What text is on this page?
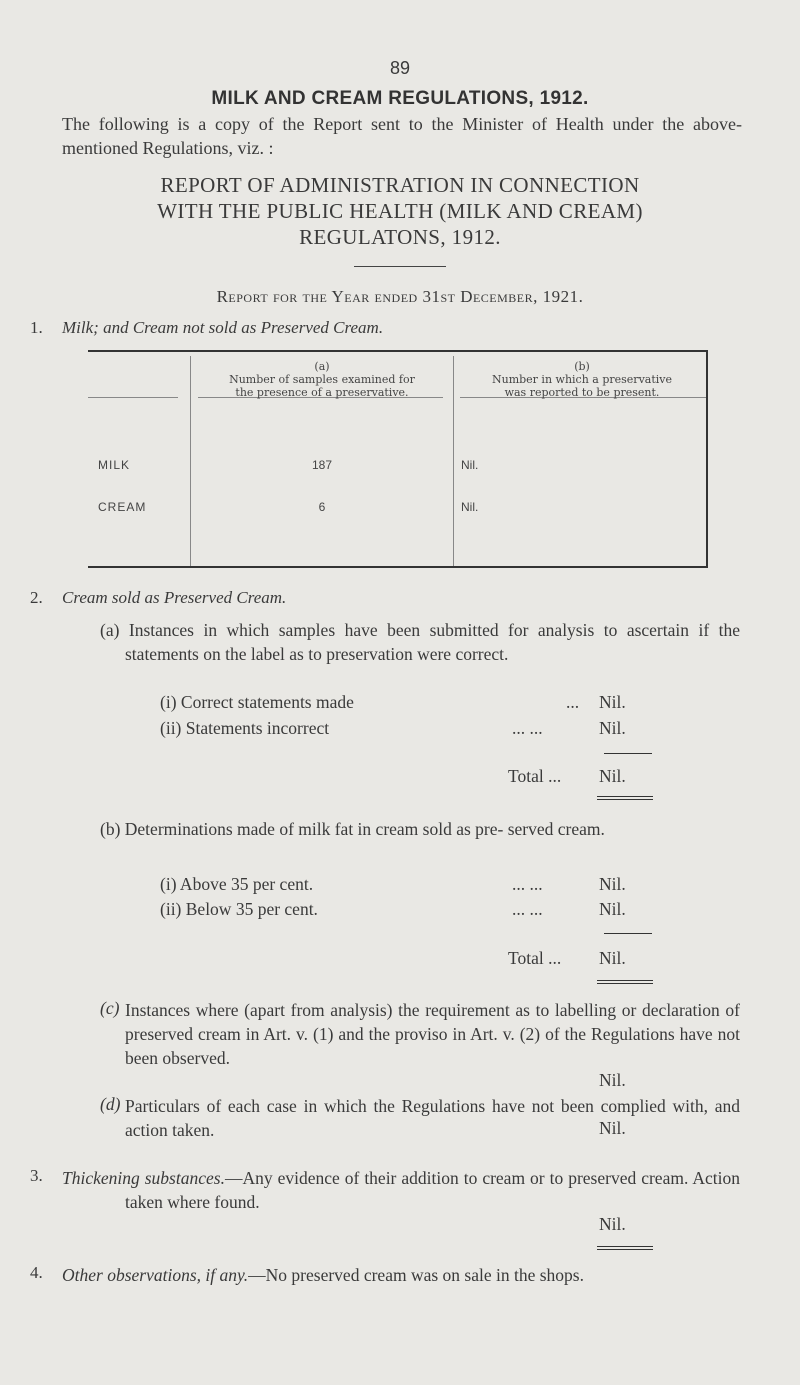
89
MILK AND CREAM REGULATIONS, 1912.
The following is a copy of the Report sent to the Minister of Health under the above-mentioned Regulations, viz. :
REPORT OF ADMINISTRATION IN CONNECTION
WITH THE PUBLIC HEALTH (MILK AND CREAM)
REGULATONS, 1912.
Report for the Year ended 31st December, 1921.
1. Milk; and Cream not sold as Preserved Cream.
(a)
Number of samples examined for
the presence of a preservative.
(b)
Number in which a preservative
was reported to be present.
MILK	187	Nil.
CREAM	6	Nil.
2. Cream sold as Preserved Cream.
(a) Instances in which samples have been submitted for analysis to ascertain if the statements on the label as to preservation were correct.
(i) Correct statements made	... Nil.
(ii) Statements incorrect	... ...	Nil.
Total ... Nil.
(b) Determinations made of milk fat in cream sold as pre- served cream.
(i) Above 35 per cent.	... ...	Nil.
(ii) Below 35 per cent.	... ...	Nil.
Total ... Nil.
(c) Instances where (apart from analysis) the requirement as to labelling or declaration of preserved cream in Art. v. (1) and the proviso in Art. v. (2) of the Regulations have not been observed.
Nil.
(d) Particulars of each case in which the Regulations have not been complied with, and action taken.	Nil.
3. Thickening substances.—Any evidence of their addition to cream or to preserved cream. Action taken where found.
Nil.
4. Other observations, if any.—No preserved cream was on sale in the shops.
